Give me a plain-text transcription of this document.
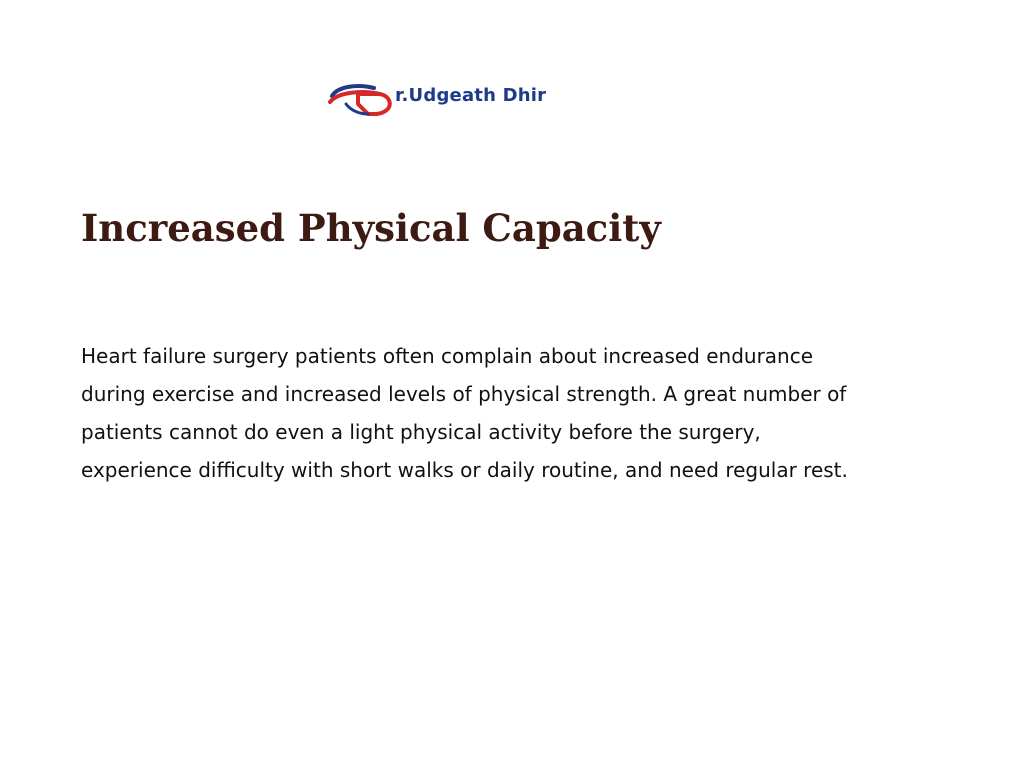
r.Udgeath Dhir
Increased Physical Capacity

Heart failure surgery patients often complain about increased endurance
during exercise and increased levels of physical strength. A great number of
patients cannot do even a light physical activity before the surgery,
experience difficulty with short walks or daily routine, and need regular rest.
